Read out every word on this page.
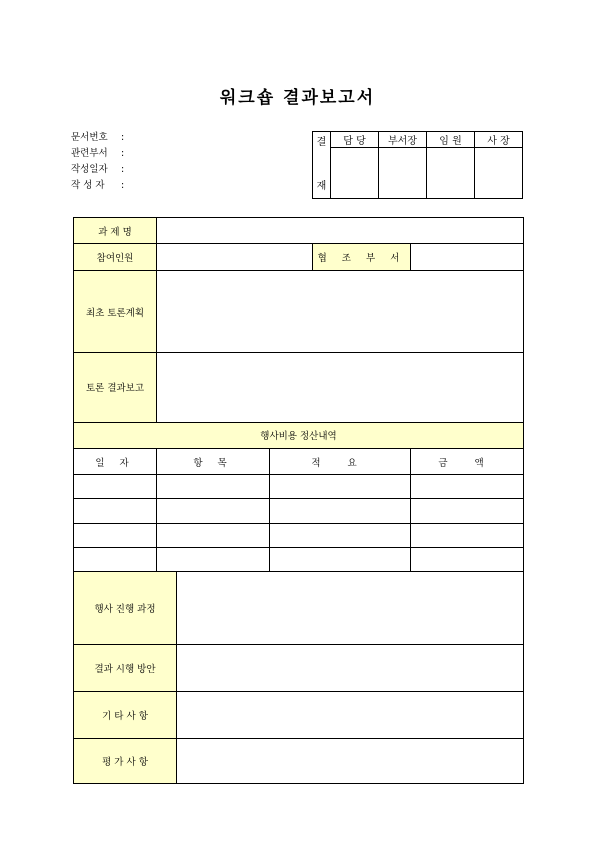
워크숍 결과보고서
문서번호	:
관련부서	:
작성일자	:
작 성 자	:
결

재	담 당	부서장	임 원	사 장

과 제 명					
참여인원				협 조 부 서	
최초 토론계획					
토론 결과보고					
행사비용 정산내역					
일 자	항 목		적 요		금 액

행사 진행 과정					
결과 시행 방안					
기 타 사 항					
평 가 사 항					
